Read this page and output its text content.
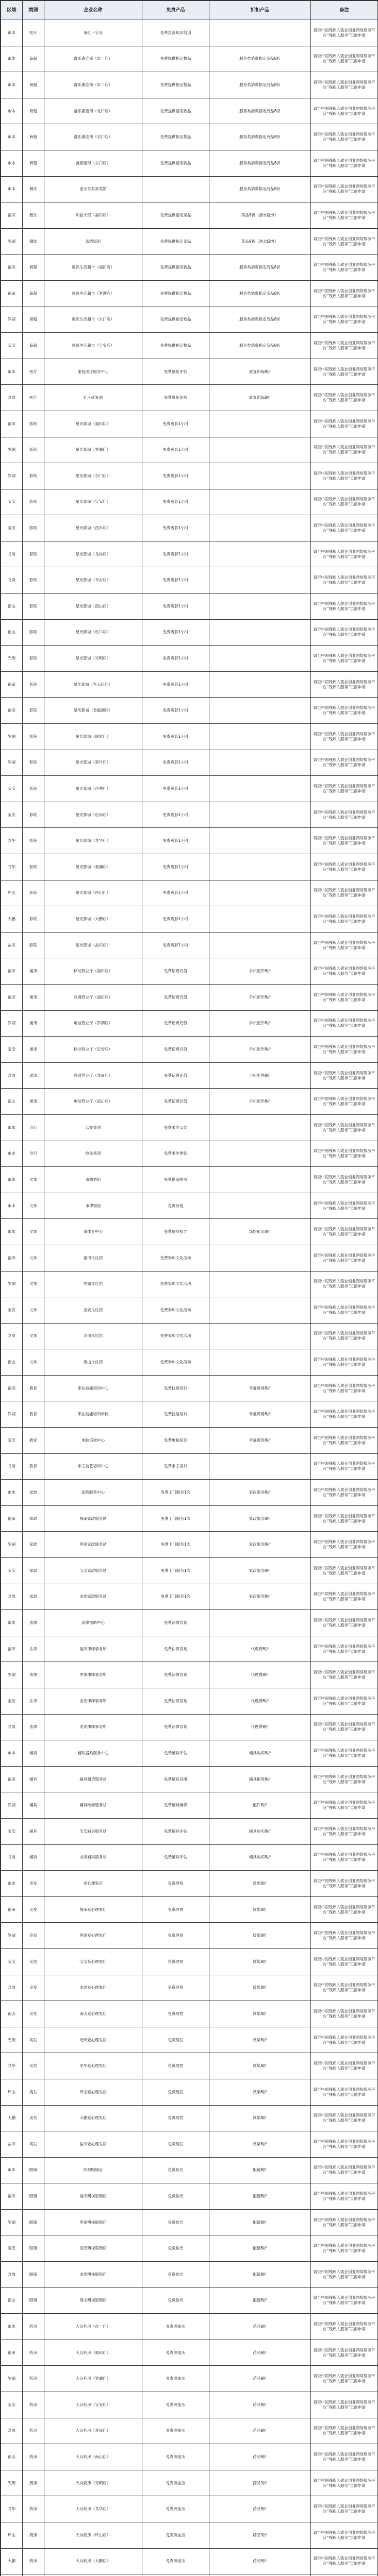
区域	类别	企业名称	免费产品	折扣产品	备注
市本	医疗	市红十字会	免费急救知识培训		请至中国残疾人就业创业网络服务平台“残疾人服务”页面申请
市本	商超	鑫乐惠连锁（市一店）	免费提供指定物品	服务类消费指定商品8折	请至中国残疾人就业创业网络服务平台“残疾人服务”页面申请
市本	商超	鑫乐惠连锁（市二店）	免费提供指定物品	服务类消费指定商品8折	请至中国残疾人就业创业网络服务平台“残疾人服务”页面申请
市本	商超	鑫乐惠连锁（北门店）	免费提供指定物品	服务类消费指定商品8折	请至中国残疾人就业创业网络服务平台“残疾人服务”页面申请
市本	商超	鑫乐惠连锁（东门店）	免费提供指定物品	服务类消费指定商品8折	请至中国残疾人就业创业网络服务平台“残疾人服务”页面申请
市本	商超	鑫源连锁（东门店）	免费提供指定物品	服务类消费指定商品8折	请至中国残疾人就业创业网络服务平台“残疾人服务”页面申请
市本	餐饮	老字号家常菜馆		服务类消费指定商品8折	请至中国残疾人就业创业网络服务平台“残疾人服务”页面申请
福田	餐饮	川渝火锅（福田店）	免费提供指定菜品	菜品8折（酒水除外）	请至中国残疾人就业创业网络服务平台“残疾人服务”页面申请
罗湖	餐饮	蒸烧饭馆	免费提供指定菜品	菜品8折（酒水除外）	请至中国残疾人就业创业网络服务平台“残疾人服务”页面申请
福田	商超	惠民生活超市（福田店）	免费提供指定物品	服务类消费指定商品8折	请至中国残疾人就业创业网络服务平台“残疾人服务”页面申请
福田	商超	惠民生活超市（罗湖店）	免费提供指定物品	服务类消费指定商品8折	请至中国残疾人就业创业网络服务平台“残疾人服务”页面申请
罗湖	商超	惠民生活超市（东门店）	免费提供指定物品	服务类消费指定商品8折	请至中国残疾人就业创业网络服务平台“残疾人服务”页面申请
宝安	商超	惠民生活超市（宝安店）	免费提供指定物品	服务类消费指定商品8折	请至中国残疾人就业创业网络服务平台“残疾人服务”页面申请
市本	医疗	康复医疗服务中心	免费康复评估	康复训练8折	请至中国残疾人就业创业网络服务平台“残疾人服务”页面申请
龙岗	医疗	社区康复站	免费康复评估	康复训练8折	请至中国残疾人就业创业网络服务平台“残疾人服务”页面申请
福田	影院	星光影城（福田店）	免费观影1小时		请至中国残疾人就业创业网络服务平台“残疾人服务”页面申请
罗湖	影院	星光影城（罗湖店）	免费观影1小时		请至中国残疾人就业创业网络服务平台“残疾人服务”页面申请
罗湖	影院	星光影城（东门店）	免费观影1小时		请至中国残疾人就业创业网络服务平台“残疾人服务”页面申请
宝安	影院	星光影城（宝安店）	免费观影1小时		请至中国残疾人就业创业网络服务平台“残疾人服务”页面申请
宝安	影院	星光影城（西乡店）	免费观影1小时		请至中国残疾人就业创业网络服务平台“残疾人服务”页面申请
龙岗	影院	星光影城（龙岗店）	免费观影1小时		请至中国残疾人就业创业网络服务平台“残疾人服务”页面申请
龙岗	影院	星光影城（布吉店）	免费观影1小时		请至中国残疾人就业创业网络服务平台“残疾人服务”页面申请
南山	影院	星光影城（南山店）	免费观影1小时		请至中国残疾人就业创业网络服务平台“残疾人服务”页面申请
南山	影院	星光影城（蛇口店）	免费观影1小时		请至中国残疾人就业创业网络服务平台“残疾人服务”页面申请
光明	影院	星光影城（光明店）	免费观影1小时		请至中国残疾人就业创业网络服务平台“残疾人服务”页面申请
福田	影院	星光影城（车公庙店）	免费观影1小时		请至中国残疾人就业创业网络服务平台“残疾人服务”页面申请
福田	影院	星光影城（香蜜湖店）	免费观影1小时		请至中国残疾人就业创业网络服务平台“残疾人服务”页面申请
罗湖	影院	星光影城（国贸店）	免费观影1小时		请至中国残疾人就业创业网络服务平台“残疾人服务”页面申请
罗湖	影院	星光影城（翠竹店）	免费观影1小时		请至中国残疾人就业创业网络服务平台“残疾人服务”页面申请
宝安	影院	星光影城（沙井店）	免费观影1小时		请至中国残疾人就业创业网络服务平台“残疾人服务”页面申请
宝安	影院	星光影城（松岗店）	免费观影1小时		请至中国残疾人就业创业网络服务平台“残疾人服务”页面申请
龙华	影院	星光影城（龙华店）	免费观影1小时		请至中国残疾人就业创业网络服务平台“残疾人服务”页面申请
龙华	影院	星光影城（观澜店）	免费观影1小时		请至中国残疾人就业创业网络服务平台“残疾人服务”页面申请
坪山	影院	星光影城（坪山店）	免费观影1小时		请至中国残疾人就业创业网络服务平台“残疾人服务”页面申请
大鹏	影院	星光影城（大鹏店）	免费观影1小时		请至中国残疾人就业创业网络服务平台“残疾人服务”页面申请
盐田	影院	星光影城（盐田店）	免费观影1小时		请至中国残疾人就业创业网络服务平台“残疾人服务”页面申请
福田	通讯	移动营业厅（福田店）	免费话费充值	手机配件8折	请至中国残疾人就业创业网络服务平台“残疾人服务”页面申请
福田	通讯	联通营业厅（福田店）	免费话费充值	手机配件8折	请至中国残疾人就业创业网络服务平台“残疾人服务”页面申请
罗湖	通讯	电信营业厅（罗湖店）	免费话费充值	手机配件8折	请至中国残疾人就业创业网络服务平台“残疾人服务”页面申请
宝安	通讯	移动营业厅（宝安店）	免费话费充值	手机配件8折	请至中国残疾人就业创业网络服务平台“残疾人服务”页面申请
龙岗	通讯	联通营业厅（龙岗店）	免费话费充值	手机配件8折	请至中国残疾人就业创业网络服务平台“残疾人服务”页面申请
南山	通讯	电信营业厅（南山店）	免费话费充值	手机配件8折	请至中国残疾人就业创业网络服务平台“残疾人服务”页面申请
市本	出行	公交集团	免费乘坐公交		请至中国残疾人就业创业网络服务平台“残疾人服务”页面申请
市本	出行	地铁集团	免费乘坐地铁		请至中国残疾人就业创业网络服务平台“残疾人服务”页面申请
市本	文体	市图书馆	免费借阅图书		请至中国残疾人就业创业网络服务平台“残疾人服务”页面申请
市本	文体	市博物馆	免费参观		请至中国残疾人就业创业网络服务平台“残疾人服务”页面申请
市本	文体	市体育中心	免费健身指导	场馆租用8折	请至中国残疾人就业创业网络服务平台“残疾人服务”页面申请
福田	文体	福田文化馆	免费参加文化活动		请至中国残疾人就业创业网络服务平台“残疾人服务”页面申请
罗湖	文体	罗湖文化馆	免费参加文化活动		请至中国残疾人就业创业网络服务平台“残疾人服务”页面申请
宝安	文体	宝安文化馆	免费参加文化活动		请至中国残疾人就业创业网络服务平台“残疾人服务”页面申请
龙岗	文体	龙岗文化馆	免费参加文化活动		请至中国残疾人就业创业网络服务平台“残疾人服务”页面申请
南山	文体	南山文化馆	免费参加文化活动		请至中国残疾人就业创业网络服务平台“残疾人服务”页面申请
福田	教育	职业技能培训中心	免费技能培训	考证费用8折	请至中国残疾人就业创业网络服务平台“残疾人服务”页面申请
罗湖	教育	职业技能培训学校	免费技能培训	考证费用8折	请至中国残疾人就业创业网络服务平台“残疾人服务”页面申请
宝安	教育	电脑培训中心	免费电脑培训	考证费用8折	请至中国残疾人就业创业网络服务平台“残疾人服务”页面申请
龙岗	教育	手工技艺培训中心	免费手工培训		请至中国残疾人就业创业网络服务平台“残疾人服务”页面申请
市本	家政	家政服务中心	免费上门服务1次	家政服务8折	请至中国残疾人就业创业网络服务平台“残疾人服务”页面申请
福田	家政	福田家政服务站	免费上门服务1次	家政服务8折	请至中国残疾人就业创业网络服务平台“残疾人服务”页面申请
罗湖	家政	罗湖家政服务站	免费上门服务1次	家政服务8折	请至中国残疾人就业创业网络服务平台“残疾人服务”页面申请
宝安	家政	宝安家政服务站	免费上门服务1次	家政服务8折	请至中国残疾人就业创业网络服务平台“残疾人服务”页面申请
龙岗	家政	龙岗家政服务站	免费上门服务1次	家政服务8折	请至中国残疾人就业创业网络服务平台“残疾人服务”页面申请
市本	法律	法律援助中心	免费法律咨询		请至中国残疾人就业创业网络服务平台“残疾人服务”页面申请
福田	法律	福田律师事务所	免费法律咨询	代理费8折	请至中国残疾人就业创业网络服务平台“残疾人服务”页面申请
罗湖	法律	罗湖律师事务所	免费法律咨询	代理费8折	请至中国残疾人就业创业网络服务平台“残疾人服务”页面申请
宝安	法律	宝安律师事务所	免费法律咨询	代理费8折	请至中国残疾人就业创业网络服务平台“残疾人服务”页面申请
龙岗	法律	龙岗律师事务所	免费法律咨询	代理费8折	请至中国残疾人就业创业网络服务平台“残疾人服务”页面申请
市本	辅具	辅助器具服务中心	免费辅具评估	辅具购买8折	请至中国残疾人就业创业网络服务平台“残疾人服务”页面申请
福田	辅具	辅具租赁服务站	免费辅具试用	辅具租赁8折	请至中国残疾人就业创业网络服务平台“残疾人服务”页面申请
罗湖	辅具	辅具维修服务站	免费辅具维修	配件8折	请至中国残疾人就业创业网络服务平台“残疾人服务”页面申请
宝安	辅具	宝安辅具服务站	免费辅具评估	辅具购买8折	请至中国残疾人就业创业网络服务平台“残疾人服务”页面申请
龙岗	辅具	龙岗辅具服务站	免费辅具评估	辅具购买8折	请至中国残疾人就业创业网络服务平台“残疾人服务”页面申请
市本	美发	爱心理发店	免费理发	烫染8折	请至中国残疾人就业创业网络服务平台“残疾人服务”页面申请
福田	美发	福田爱心理发店	免费理发	烫染8折	请至中国残疾人就业创业网络服务平台“残疾人服务”页面申请
罗湖	美发	罗湖爱心理发店	免费理发	烫染8折	请至中国残疾人就业创业网络服务平台“残疾人服务”页面申请
宝安	美发	宝安爱心理发店	免费理发	烫染8折	请至中国残疾人就业创业网络服务平台“残疾人服务”页面申请
龙岗	美发	龙岗爱心理发店	免费理发	烫染8折	请至中国残疾人就业创业网络服务平台“残疾人服务”页面申请
南山	美发	南山爱心理发店	免费理发	烫染8折	请至中国残疾人就业创业网络服务平台“残疾人服务”页面申请
光明	美发	光明爱心理发店	免费理发	烫染8折	请至中国残疾人就业创业网络服务平台“残疾人服务”页面申请
龙华	美发	龙华爱心理发店	免费理发	烫染8折	请至中国残疾人就业创业网络服务平台“残疾人服务”页面申请
坪山	美发	坪山爱心理发店	免费理发	烫染8折	请至中国残疾人就业创业网络服务平台“残疾人服务”页面申请
大鹏	美发	大鹏爱心理发店	免费理发	烫染8折	请至中国残疾人就业创业网络服务平台“残疾人服务”页面申请
盐田	美发	盐田爱心理发店	免费理发	烫染8折	请至中国残疾人就业创业网络服务平台“残疾人服务”页面申请
市本	眼镜	明视眼镜店	免费验光	配镜8折	请至中国残疾人就业创业网络服务平台“残疾人服务”页面申请
福田	眼镜	福田明视眼镜店	免费验光	配镜8折	请至中国残疾人就业创业网络服务平台“残疾人服务”页面申请
罗湖	眼镜	罗湖明视眼镜店	免费验光	配镜8折	请至中国残疾人就业创业网络服务平台“残疾人服务”页面申请
宝安	眼镜	宝安明视眼镜店	免费验光	配镜8折	请至中国残疾人就业创业网络服务平台“残疾人服务”页面申请
龙岗	眼镜	龙岗明视眼镜店	免费验光	配镜8折	请至中国残疾人就业创业网络服务平台“残疾人服务”页面申请
南山	眼镜	南山明视眼镜店	免费验光	配镜8折	请至中国残疾人就业创业网络服务平台“残疾人服务”页面申请
市本	药房	大众药房（市一店）	免费测血压	药品9折	请至中国残疾人就业创业网络服务平台“残疾人服务”页面申请
福田	药房	大众药房（福田店）	免费测血压	药品9折	请至中国残疾人就业创业网络服务平台“残疾人服务”页面申请
罗湖	药房	大众药房（罗湖店）	免费测血压	药品9折	请至中国残疾人就业创业网络服务平台“残疾人服务”页面申请
宝安	药房	大众药房（宝安店）	免费测血压	药品9折	请至中国残疾人就业创业网络服务平台“残疾人服务”页面申请
龙岗	药房	大众药房（龙岗店）	免费测血压	药品9折	请至中国残疾人就业创业网络服务平台“残疾人服务”页面申请
南山	药房	大众药房（南山店）	免费测血压	药品9折	请至中国残疾人就业创业网络服务平台“残疾人服务”页面申请
光明	药房	大众药房（光明店）	免费测血压	药品9折	请至中国残疾人就业创业网络服务平台“残疾人服务”页面申请
龙华	药房	大众药房（龙华店）	免费测血压	药品9折	请至中国残疾人就业创业网络服务平台“残疾人服务”页面申请
坪山	药房	大众药房（坪山店）	免费测血压	药品9折	请至中国残疾人就业创业网络服务平台“残疾人服务”页面申请
大鹏	药房	大众药房（大鹏店）	免费测血压	药品9折	请至中国残疾人就业创业网络服务平台“残疾人服务”页面申请
